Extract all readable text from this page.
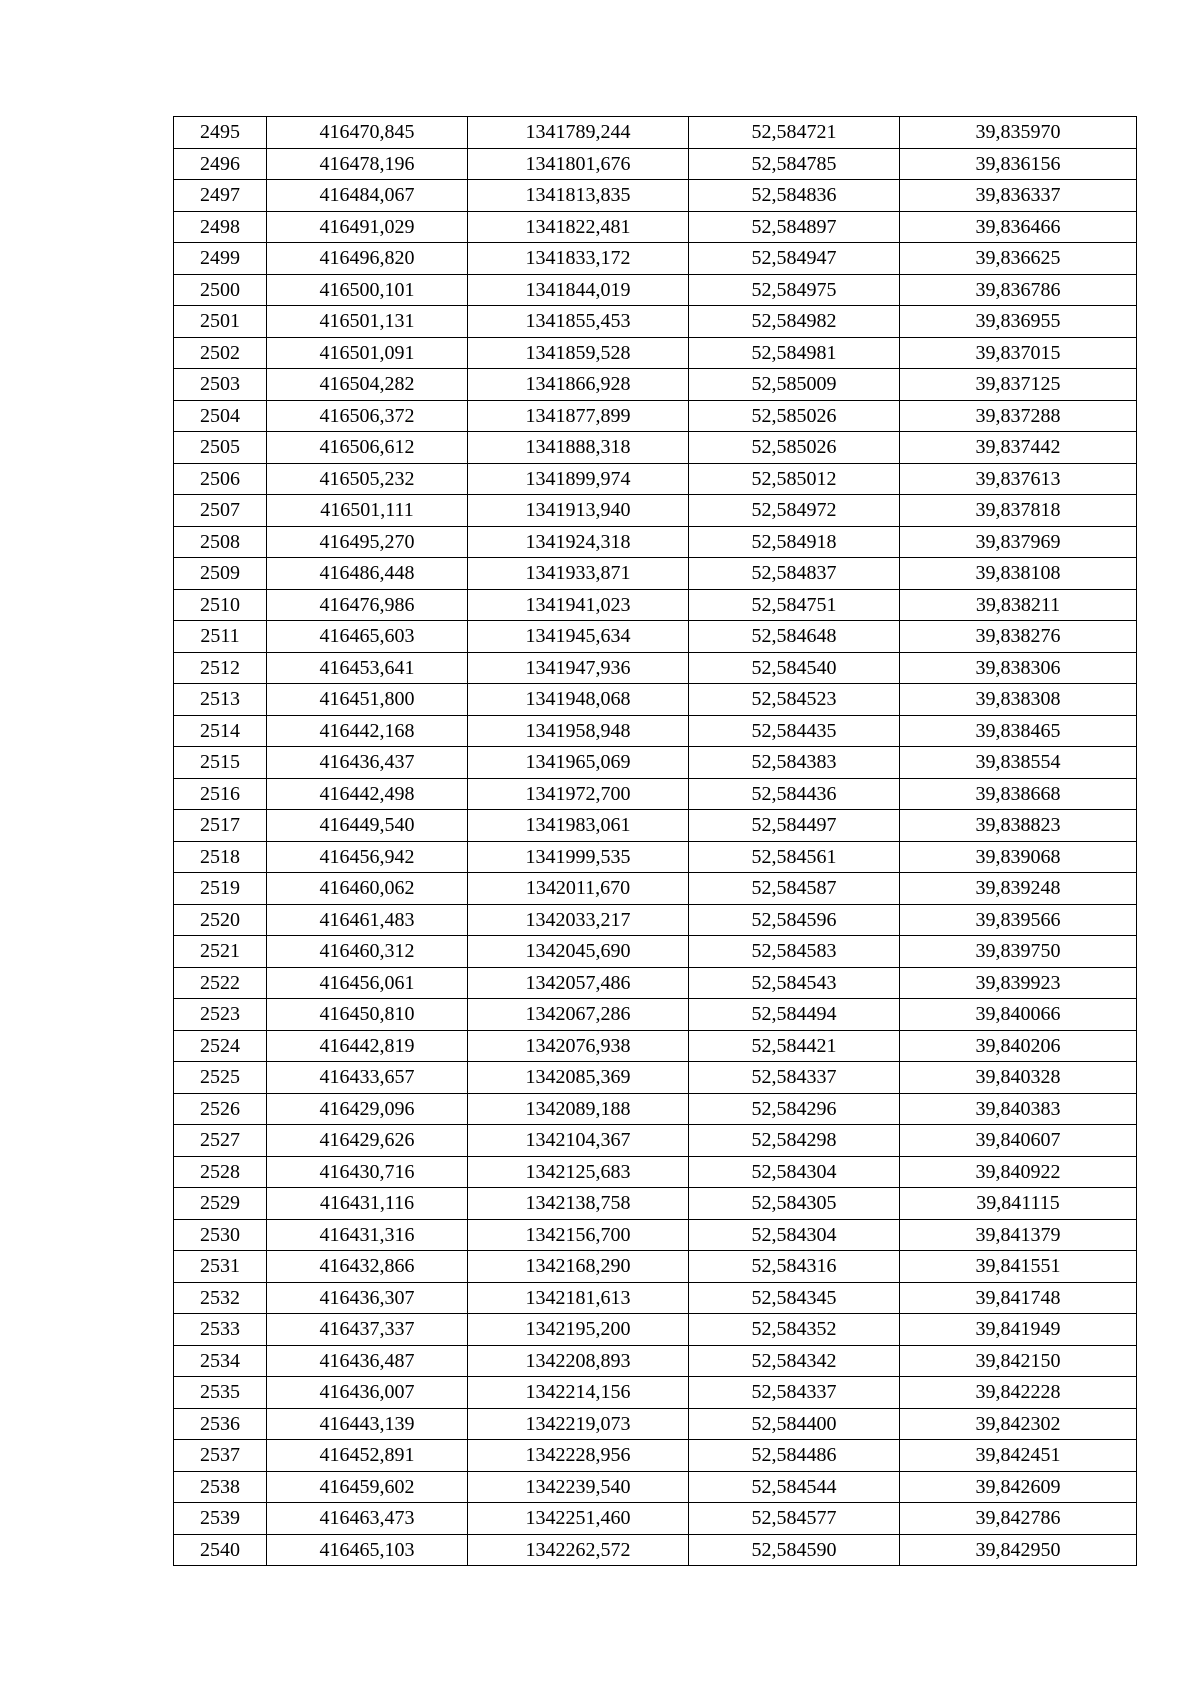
2495	416470,845	1341789,244	52,584721	39,835970
2496	416478,196	1341801,676	52,584785	39,836156
2497	416484,067	1341813,835	52,584836	39,836337
2498	416491,029	1341822,481	52,584897	39,836466
2499	416496,820	1341833,172	52,584947	39,836625
2500	416500,101	1341844,019	52,584975	39,836786
2501	416501,131	1341855,453	52,584982	39,836955
2502	416501,091	1341859,528	52,584981	39,837015
2503	416504,282	1341866,928	52,585009	39,837125
2504	416506,372	1341877,899	52,585026	39,837288
2505	416506,612	1341888,318	52,585026	39,837442
2506	416505,232	1341899,974	52,585012	39,837613
2507	416501,111	1341913,940	52,584972	39,837818
2508	416495,270	1341924,318	52,584918	39,837969
2509	416486,448	1341933,871	52,584837	39,838108
2510	416476,986	1341941,023	52,584751	39,838211
2511	416465,603	1341945,634	52,584648	39,838276
2512	416453,641	1341947,936	52,584540	39,838306
2513	416451,800	1341948,068	52,584523	39,838308
2514	416442,168	1341958,948	52,584435	39,838465
2515	416436,437	1341965,069	52,584383	39,838554
2516	416442,498	1341972,700	52,584436	39,838668
2517	416449,540	1341983,061	52,584497	39,838823
2518	416456,942	1341999,535	52,584561	39,839068
2519	416460,062	1342011,670	52,584587	39,839248
2520	416461,483	1342033,217	52,584596	39,839566
2521	416460,312	1342045,690	52,584583	39,839750
2522	416456,061	1342057,486	52,584543	39,839923
2523	416450,810	1342067,286	52,584494	39,840066
2524	416442,819	1342076,938	52,584421	39,840206
2525	416433,657	1342085,369	52,584337	39,840328
2526	416429,096	1342089,188	52,584296	39,840383
2527	416429,626	1342104,367	52,584298	39,840607
2528	416430,716	1342125,683	52,584304	39,840922
2529	416431,116	1342138,758	52,584305	39,841115
2530	416431,316	1342156,700	52,584304	39,841379
2531	416432,866	1342168,290	52,584316	39,841551
2532	416436,307	1342181,613	52,584345	39,841748
2533	416437,337	1342195,200	52,584352	39,841949
2534	416436,487	1342208,893	52,584342	39,842150
2535	416436,007	1342214,156	52,584337	39,842228
2536	416443,139	1342219,073	52,584400	39,842302
2537	416452,891	1342228,956	52,584486	39,842451
2538	416459,602	1342239,540	52,584544	39,842609
2539	416463,473	1342251,460	52,584577	39,842786
2540	416465,103	1342262,572	52,584590	39,842950
